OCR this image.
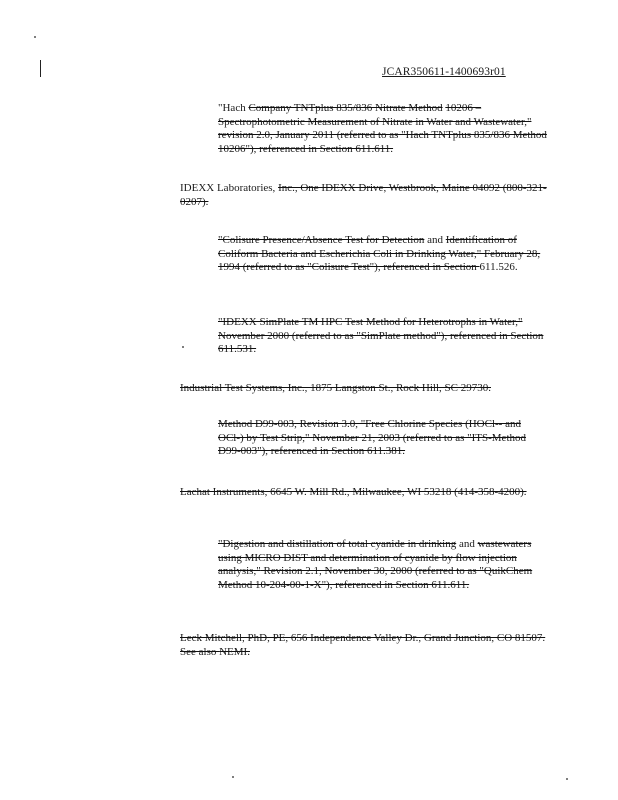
JCAR350611-1400693r01
"Hach Company TNTplus 835/836 Nitrate Method 10206 – Spectrophotometric Measurement of Nitrate in Water and Wastewater," revision 2.0, January 2011 (referred to as "Hach TNTplus 835/836 Method 10206"), referenced in Section 611.611.
IDEXX Laboratories, Inc., One IDEXX Drive, Westbrook, Maine 04092 (800-321-0207).
"Colisure Presence/Absence Test for Detection and Identification of Coliform Bacteria and Escherichia Coli in Drinking Water," February 28, 1994 (referred to as "Colisure Test"), referenced in Section 611.526.
"IDEXX SimPlate TM HPC Test Method for Heterotrophs in Water," November 2000 (referred to as "SimPlate method"), referenced in Section 611.531.
Industrial Test Systems, Inc., 1875 Langston St., Rock Hill, SC 29730.
Method D99-003, Revision 3.0, "Free Chlorine Species (HOCl-- and OCl-) by Test Strip," November 21, 2003 (referred to as "ITS-Method D99-003"), referenced in Section 611.381.
Lachat Instruments, 6645 W. Mill Rd., Milwaukee, WI 53218 (414-358-4200).
"Digestion and distillation of total cyanide in drinking and wastewaters using MICRO DIST and determination of cyanide by flow injection analysis," Revision 2.1, November 30, 2000 (referred to as "QuikChem Method 10-204-00-1-X"), referenced in Section 611.611.
Leck Mitchell, PhD, PE, 656 Independence Valley Dr., Grand Junction, CO 81507. See also NEMI.
